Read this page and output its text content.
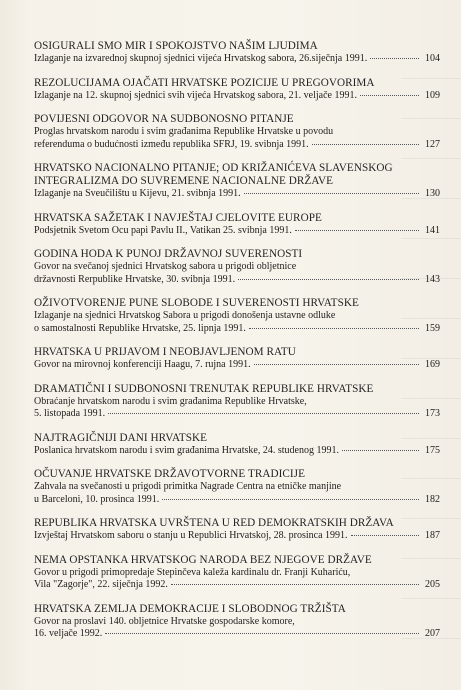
OSIGURALI SMO MIR I SPOKOJSTVO NAŠIM LJUDIMA
Izlaganje na izvarednoj skupnoj sjednici vijeća Hrvatskog sabora, 26.siječnja 1991.	104
REZOLUCIJAMA OJAČATI HRVATSKE POZICIJE U PREGOVORIMA
Izlaganje na 12. skupnoj sjednici svih vijeća Hrvatskog sabora, 21. veljače 1991.	109
POVIJESNI ODGOVOR NA SUDBONOSNO PITANJE
Proglas hrvatskom narodu i svim građanima Republike Hrvatske u povodu
referenduma o budućnosti između republika SFRJ, 19. svibnja 1991.	127
HRVATSKO NACIONALNO PITANJE; OD KRIŽANIĆEVA SLAVENSKOG
INTEGRALIZMA DO SUVREMENE NACIONALNE DRŽAVE
Izlaganje na Sveučilištu u Kijevu, 21. svibnja 1991.	130
HRVATSKA SAŽETAK I NAVJEŠTAJ CJELOVITE EUROPE
Podsjetnik Svetom Ocu papi Pavlu II., Vatikan 25. svibnja 1991.	141
GODINA HODA K PUNOJ DRŽAVNOJ SUVERENOSTI
Govor na svečanoj sjednici Hrvatskog sabora u prigodi obljetnice
državnosti Rerpublike Hrvatske, 30. svibnja 1991.	143
OŽIVOTVORENJE PUNE SLOBODE I SUVERENOSTI HRVATSKE
Izlaganje na sjednici Hrvatskog Sabora u prigodi donošenja ustavne odluke
o samostalnosti Republike Hrvatske, 25. lipnja 1991.	159
HRVATSKA U PRIJAVOM I NEOBJAVLJENOM RATU
Govor na mirovnoj konferenciji Haagu, 7. rujna 1991.	169
DRAMATIČNI I SUDBONOSNI TRENUTAK REPUBLIKE HRVATSKE
Obraćanje hrvatskom narodu i svim građanima Republike Hrvatske,
5. listopada 1991.	173
NAJTRAGIČNIJI DANI HRVATSKE
Poslanica hrvatskom narodu i svim građanima Hrvatske, 24. studenog 1991.	175
OČUVANJE HRVATSKE DRŽAVOTVORNE TRADICIJE
Zahvala na svečanosti u prigodi primitka Nagrade Centra na etničke manjine
u Barceloni, 10. prosinca 1991.	182
REPUBLIKA HRVATSKA UVRŠTENA U RED DEMOKRATSKIH DRŽAVA
Izvještaj Hrvatskom saboru o stanju u Republici Hrvatskoj, 28. prosinca 1991.	187
NEMA OPSTANKA HRVATSKOG NARODA BEZ NJEGOVE DRŽAVE
Govor u prigodi primopredaje Stepinčeva kaleža kardinalu dr. Franji Kuhariću,
Vila "Zagorje", 22. siječnja 1992.	205
HRVATSKA ZEMLJA DEMOKRACIJE I SLOBODNOG TRŽIŠTA
Govor na proslavi 140. obljetnice Hrvatske gospodarske komore,
16. veljače 1992.	207
